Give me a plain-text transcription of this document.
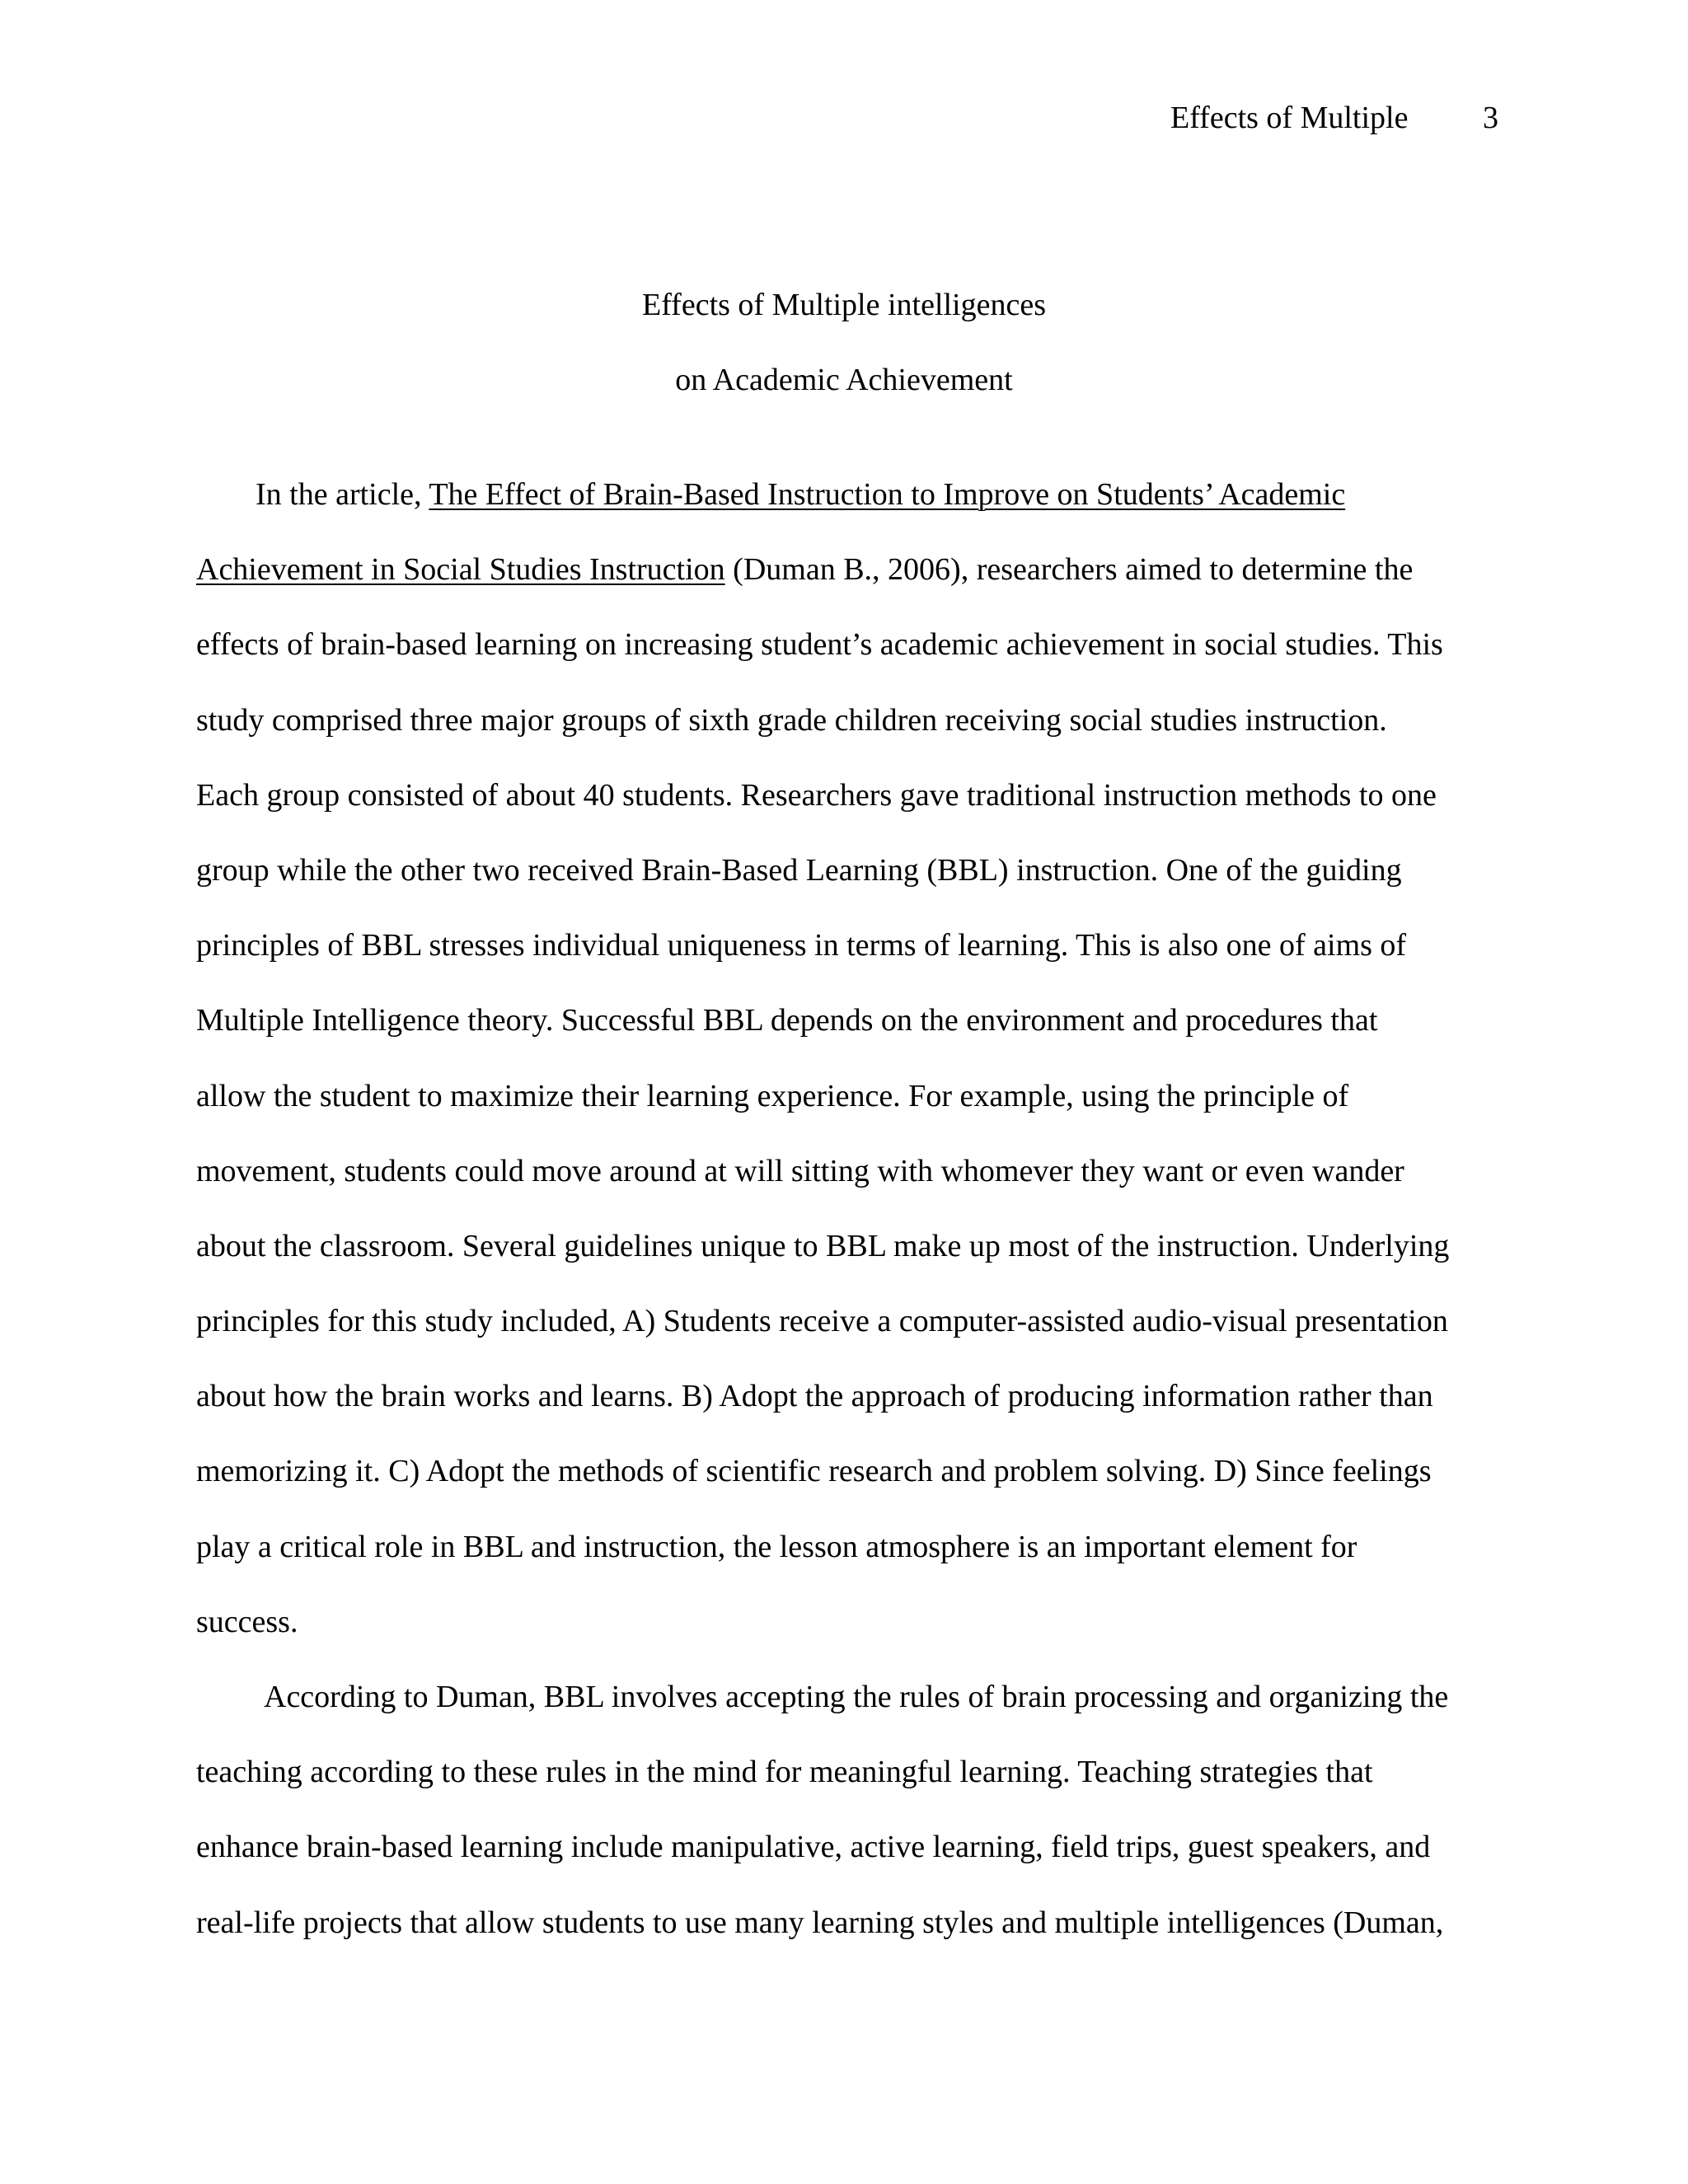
Effects of Multiple 3
Effects of Multiple intelligences
on Academic Achievement
In the article, The Effect of Brain-Based Instruction to Improve on Students’ Academic
Achievement in Social Studies Instruction (Duman B., 2006), researchers aimed to determine the
effects of brain-based learning on increasing student’s academic achievement in social studies. This
study comprised three major groups of sixth grade children receiving social studies instruction.
Each group consisted of about 40 students. Researchers gave traditional instruction methods to one
group while the other two received Brain-Based Learning (BBL) instruction. One of the guiding
principles of BBL stresses individual uniqueness in terms of learning. This is also one of aims of
Multiple Intelligence theory. Successful BBL depends on the environment and procedures that
allow the student to maximize their learning experience. For example, using the principle of
movement, students could move around at will sitting with whomever they want or even wander
about the classroom. Several guidelines unique to BBL make up most of the instruction. Underlying
principles for this study included, A) Students receive a computer-assisted audio-visual presentation
about how the brain works and learns. B) Adopt the approach of producing information rather than
memorizing it. C) Adopt the methods of scientific research and problem solving. D) Since feelings
play a critical role in BBL and instruction, the lesson atmosphere is an important element for
success.
According to Duman, BBL involves accepting the rules of brain processing and organizing the
teaching according to these rules in the mind for meaningful learning. Teaching strategies that
enhance brain-based learning include manipulative, active learning, field trips, guest speakers, and
real-life projects that allow students to use many learning styles and multiple intelligences (Duman,
